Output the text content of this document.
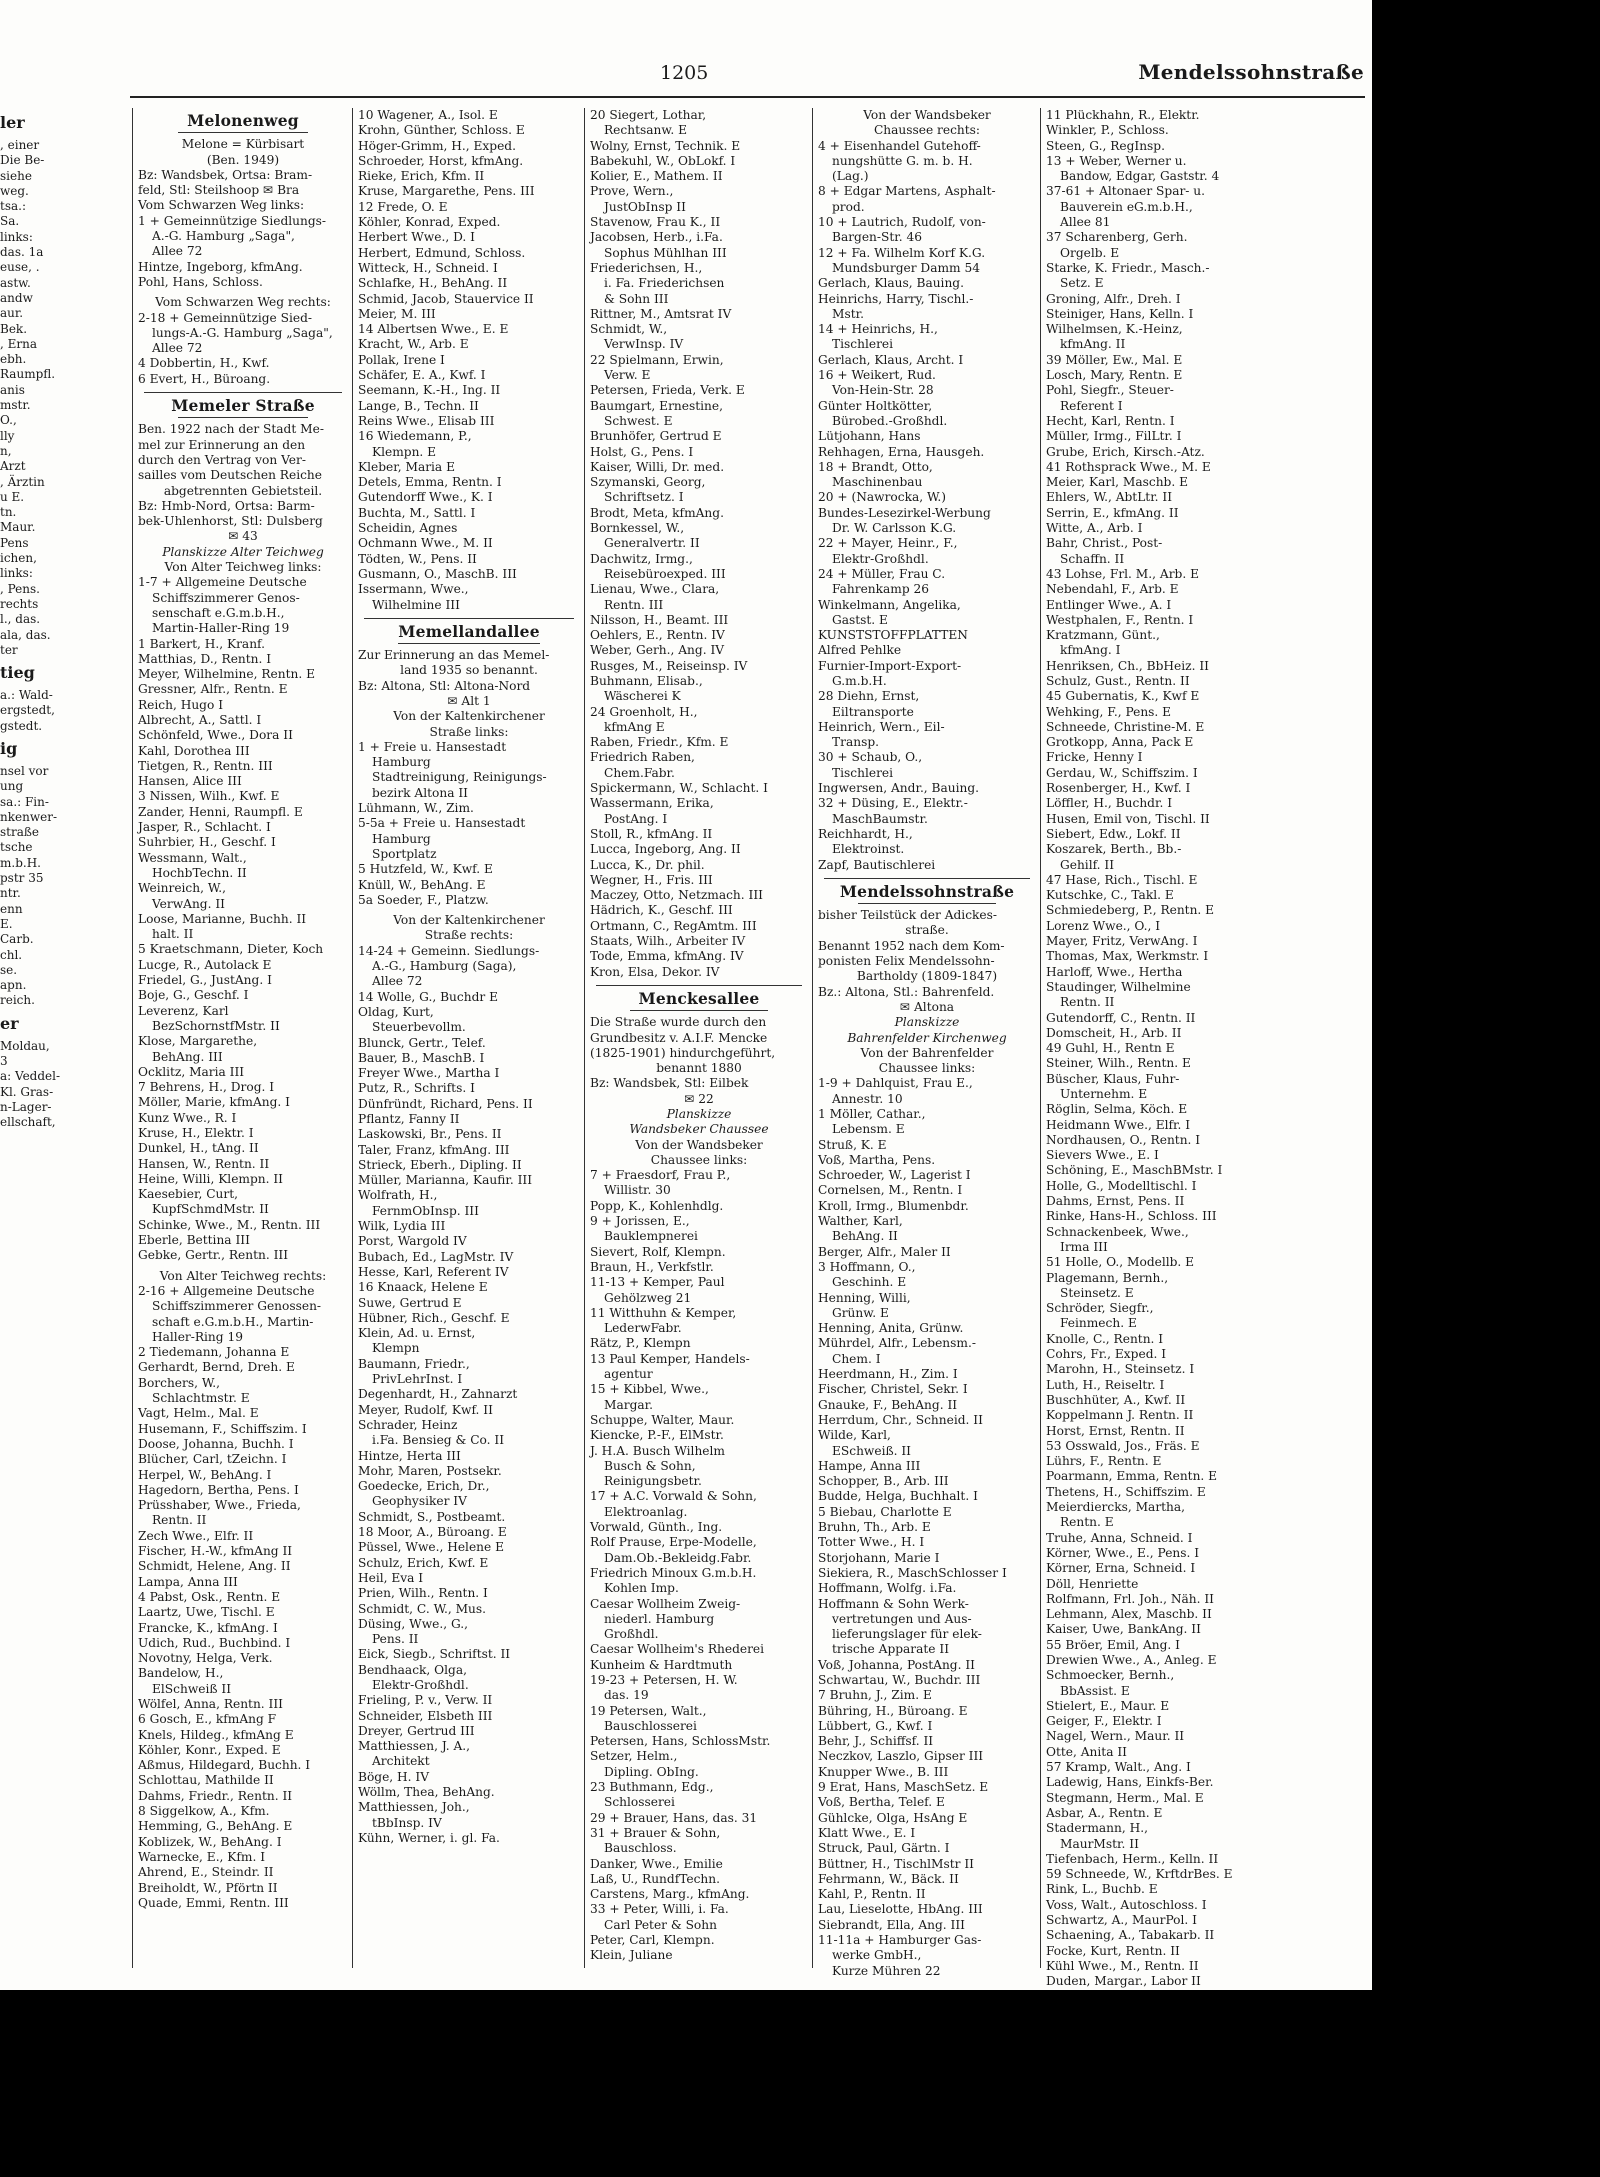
1205	Mendelssohnstraße
ler
, einer
Die Be-
siehe
weg.
tsa.:
Sa.
links:
das. 1a
euse, .
astw.
andw
aur.
Bek.
, Erna
ebh.
Raumpfl.
anis
mstr.
O.,
lly
n,
Arzt
, Ärztin
u E.
tn.
Maur.
Pens
ichen,
links:
, Pens.
rechts
l., das.
ala, das.
ter
tieg
a.: Wald-
ergstedt,
gstedt.
ig
nsel vor
ung
sa.: Fin-
nkenwer-
straße
tsche
m.b.H.
pstr 35
ntr.
enn
E.
Carb.
chl.
se.
apn.
reich.
er
Moldau,
3
a: Veddel-
Kl. Gras-
n-Lager-
ellschaft,
Melonenweg
Melone = Kürbisart
(Ben. 1949)
Bz: Wandsbek, Ortsa: Bram-
feld, Stl: Steilshoop ✉ Bra
Vom Schwarzen Weg links:
1 + Gemeinnützige Siedlungs-
A.-G. Hamburg „Saga",
Allee 72
Hintze, Ingeborg, kfmAng.
Pohl, Hans, Schloss.
Vom Schwarzen Weg rechts:
2-18 + Gemeinnützige Sied-
lungs-A.-G. Hamburg „Saga",
Allee 72
4 Dobbertin, H., Kwf.
6 Evert, H., Büroang.
Memeler Straße
Ben. 1922 nach der Stadt Me-
mel zur Erinnerung an den
durch den Vertrag von Ver-
sailles vom Deutschen Reiche
abgetrennten Gebietsteil.
Bz: Hmb-Nord, Ortsa: Barm-
bek-Uhlenhorst, Stl: Dulsberg
✉ 43
Planskizze Alter Teichweg
Von Alter Teichweg links:
1-7 + Allgemeine Deutsche
Schiffszimmerer Genos-
senschaft e.G.m.b.H.,
Martin-Haller-Ring 19
1 Barkert, H., Kranf.
Matthias, D., Rentn. I
Meyer, Wilhelmine, Rentn. E
Gressner, Alfr., Rentn. E
Reich, Hugo I
Albrecht, A., Sattl. I
Schönfeld, Wwe., Dora II
Kahl, Dorothea III
Tietgen, R., Rentn. III
Hansen, Alice III
3 Nissen, Wilh., Kwf. E
Zander, Henni, Raumpfl. E
Jasper, R., Schlacht. I
Suhrbier, H., Geschf. I
Wessmann, Walt.,
HochbTechn. II
Weinreich, W.,
VerwAng. II
Loose, Marianne, Buchh. II
halt. II
5 Kraetschmann, Dieter, Koch
Lucge, R., Autolack E
Friedel, G., JustAng. I
Boje, G., Geschf. I
Leverenz, Karl
BezSchornstfMstr. II
Klose, Margarethe,
BehAng. III
Ocklitz, Maria III
7 Behrens, H., Drog. I
Möller, Marie, kfmAng. I
Kunz Wwe., R. I
Kruse, H., Elektr. I
Dunkel, H., tAng. II
Hansen, W., Rentn. II
Heine, Willi, Klempn. II
Kaesebier, Curt,
KupfSchmdMstr. II
Schinke, Wwe., M., Rentn. III
Eberle, Bettina III
Gebke, Gertr., Rentn. III
Von Alter Teichweg rechts:
2-16 + Allgemeine Deutsche
Schiffszimmerer Genossen-
schaft e.G.m.b.H., Martin-
Haller-Ring 19
2 Tiedemann, Johanna E
Gerhardt, Bernd, Dreh. E
Borchers, W.,
Schlachtmstr. E
Vagt, Helm., Mal. E
Husemann, F., Schiffszim. I
Doose, Johanna, Buchh. I
Blücher, Carl, tZeichn. I
Herpel, W., BehAng. I
Hagedorn, Bertha, Pens. I
Prüsshaber, Wwe., Frieda,
Rentn. II
Zech Wwe., Elfr. II
Fischer, H.-W., kfmAng II
Schmidt, Helene, Ang. II
Lampa, Anna III
4 Pabst, Osk., Rentn. E
Laartz, Uwe, Tischl. E
Francke, K., kfmAng. I
Udich, Rud., Buchbind. I
Novotny, Helga, Verk.
Bandelow, H.,
ElSchweiß II
Wölfel, Anna, Rentn. III
6 Gosch, E., kfmAng F
Knels, Hildeg., kfmAng E
Köhler, Konr., Exped. E
Aßmus, Hildegard, Buchh. I
Schlottau, Mathilde II
Dahms, Friedr., Rentn. II
8 Siggelkow, A., Kfm.
Hemming, G., BehAng. E
Koblizek, W., BehAng. I
Warnecke, E., Kfm. I
Ahrend, E., Steindr. II
Breiholdt, W., Pförtn II
Quade, Emmi, Rentn. III
10 Wagener, A., Isol. E
Krohn, Günther, Schloss. E
Höger-Grimm, H., Exped.
Schroeder, Horst, kfmAng.
Rieke, Erich, Kfm. II
Kruse, Margarethe, Pens. III
12 Frede, O. E
Köhler, Konrad, Exped.
Herbert Wwe., D. I
Herbert, Edmund, Schloss.
Witteck, H., Schneid. I
Schlafke, H., BehAng. II
Schmid, Jacob, Stauervice II
Meier, M. III
14 Albertsen Wwe., E. E
Kracht, W., Arb. E
Pollak, Irene I
Schäfer, E. A., Kwf. I
Seemann, K.-H., Ing. II
Lange, B., Techn. II
Reins Wwe., Elisab III
16 Wiedemann, P.,
Klempn. E
Kleber, Maria E
Detels, Emma, Rentn. I
Gutendorff Wwe., K. I
Buchta, M., Sattl. I
Scheidin, Agnes
Ochmann Wwe., M. II
Tödten, W., Pens. II
Gusmann, O., MaschB. III
Issermann, Wwe.,
Wilhelmine III
Memellandallee
Zur Erinnerung an das Memel-
land 1935 so benannt.
Bz: Altona, Stl: Altona-Nord
✉ Alt 1
Von der Kaltenkirchener
Straße links:
1 + Freie u. Hansestadt
Hamburg
Stadtreinigung, Reinigungs-
bezirk Altona II
Lühmann, W., Zim.
5-5a + Freie u. Hansestadt
Hamburg
Sportplatz
5 Hutzfeld, W., Kwf. E
Knüll, W., BehAng. E
5a Soeder, F., Platzw.
Von der Kaltenkirchener
Straße rechts:
14-24 + Gemeinn. Siedlungs-
A.-G., Hamburg (Saga),
Allee 72
14 Wolle, G., Buchdr E
Oldag, Kurt,
Steuerbevollm.
Blunck, Gertr., Telef.
Bauer, B., MaschB. I
Freyer Wwe., Martha I
Putz, R., Schrifts. I
Dünfründt, Richard, Pens. II
Pflantz, Fanny II
Laskowski, Br., Pens. II
Taler, Franz, kfmAng. III
Strieck, Eberh., Dipling. II
Müller, Marianna, Kaufir. III
Wolfrath, H.,
FernmObInsp. III
Wilk, Lydia III
Porst, Wargold IV
Bubach, Ed., LagMstr. IV
Hesse, Karl, Referent IV
16 Knaack, Helene E
Suwe, Gertrud E
Hübner, Rich., Geschf. E
Klein, Ad. u. Ernst,
Klempn
Baumann, Friedr.,
PrivLehrInst. I
Degenhardt, H., Zahnarzt
Meyer, Rudolf, Kwf. II
Schrader, Heinz
i.Fa. Bensieg & Co. II
Hintze, Herta III
Mohr, Maren, Postsekr.
Goedecke, Erich, Dr.,
Geophysiker IV
Schmidt, S., Postbeamt.
18 Moor, A., Büroang. E
Püssel, Wwe., Helene E
Schulz, Erich, Kwf. E
Heil, Eva I
Prien, Wilh., Rentn. I
Schmidt, C. W., Mus.
Düsing, Wwe., G.,
Pens. II
Eick, Siegb., Schriftst. II
Bendhaack, Olga,
Elektr-Großhdl.
Frieling, P. v., Verw. II
Schneider, Elsbeth III
Dreyer, Gertrud III
Matthiessen, J. A.,
Architekt
Böge, H. IV
Wöllm, Thea, BehAng.
Matthiessen, Joh.,
tBbInsp. IV
Kühn, Werner, i. gl. Fa.
20 Siegert, Lothar,
Rechtsanw. E
Wolny, Ernst, Technik. E
Babekuhl, W., ObLokf. I
Kolier, E., Mathem. II
Prove, Wern.,
JustObInsp II
Stavenow, Frau K., II
Jacobsen, Herb., i.Fa.
Sophus Mühlhan III
Friederichsen, H.,
i. Fa. Friederichsen
& Sohn III
Rittner, M., Amtsrat IV
Schmidt, W.,
VerwInsp. IV
22 Spielmann, Erwin,
Verw. E
Petersen, Frieda, Verk. E
Baumgart, Ernestine,
Schwest. E
Brunhöfer, Gertrud E
Holst, G., Pens. I
Kaiser, Willi, Dr. med.
Szymanski, Georg,
Schriftsetz. I
Brodt, Meta, kfmAng.
Bornkessel, W.,
Generalvertr. II
Dachwitz, Irmg.,
Reisebüroexped. III
Lienau, Wwe., Clara,
Rentn. III
Nilsson, H., Beamt. III
Oehlers, E., Rentn. IV
Weber, Gerh., Ang. IV
Rusges, M., Reiseinsp. IV
Buhmann, Elisab.,
Wäscherei K
24 Groenholt, H.,
kfmAng E
Raben, Friedr., Kfm. E
Friedrich Raben,
Chem.Fabr.
Spickermann, W., Schlacht. I
Wassermann, Erika,
PostAng. I
Stoll, R., kfmAng. II
Lucca, Ingeborg, Ang. II
Lucca, K., Dr. phil.
Wegner, H., Fris. III
Maczey, Otto, Netzmach. III
Hädrich, K., Geschf. III
Ortmann, C., RegAmtm. III
Staats, Wilh., Arbeiter IV
Tode, Emma, kfmAng. IV
Kron, Elsa, Dekor. IV
Menckesallee
Die Straße wurde durch den
Grundbesitz v. A.I.F. Mencke
(1825-1901) hindurchgeführt,
benannt 1880
Bz: Wandsbek, Stl: Eilbek
✉ 22
Planskizze
Wandsbeker Chaussee
Von der Wandsbeker
Chaussee links:
7 + Fraesdorf, Frau P.,
Willistr. 30
Popp, K., Kohlenhdlg.
9 + Jorissen, E.,
Bauklempnerei
Sievert, Rolf, Klempn.
Braun, H., Verkfstlr.
11-13 + Kemper, Paul
Gehölzweg 21
11 Witthuhn & Kemper,
LederwFabr.
Rätz, P., Klempn
13 Paul Kemper, Handels-
agentur
15 + Kibbel, Wwe.,
Margar.
Schuppe, Walter, Maur.
Kiencke, P.-F., ElMstr.
J. H.A. Busch Wilhelm
Busch & Sohn,
Reinigungsbetr.
17 + A.C. Vorwald & Sohn,
Elektroanlag.
Vorwald, Günth., Ing.
Rolf Prause, Erpe-Modelle,
Dam.Ob.-Bekleidg.Fabr.
Friedrich Minoux G.m.b.H.
Kohlen Imp.
Caesar Wollheim Zweig-
niederl. Hamburg
Großhdl.
Caesar Wollheim's Rhederei
Kunheim & Hardtmuth
19-23 + Petersen, H. W.
das. 19
19 Petersen, Walt.,
Bauschlosserei
Petersen, Hans, SchlossMstr.
Setzer, Helm.,
Dipling. ObIng.
23 Buthmann, Edg.,
Schlosserei
29 + Brauer, Hans, das. 31
31 + Brauer & Sohn,
Bauschloss.
Danker, Wwe., Emilie
Laß, U., RundfTechn.
Carstens, Marg., kfmAng.
33 + Peter, Willi, i. Fa.
Carl Peter & Sohn
Peter, Carl, Klempn.
Klein, Juliane
Von der Wandsbeker
Chaussee rechts:
4 + Eisenhandel Gutehoff-
nungshütte G. m. b. H.
(Lag.)
8 + Edgar Martens, Asphalt-
prod.
10 + Lautrich, Rudolf, von-
Bargen-Str. 46
12 + Fa. Wilhelm Korf K.G.
Mundsburger Damm 54
Gerlach, Klaus, Bauing.
Heinrichs, Harry, Tischl.-
Mstr.
14 + Heinrichs, H.,
Tischlerei
Gerlach, Klaus, Archt. I
16 + Weikert, Rud.
Von-Hein-Str. 28
Günter Holtkötter,
Bürobed.-Großhdl.
Lütjohann, Hans
Rehhagen, Erna, Hausgeh.
18 + Brandt, Otto,
Maschinenbau
20 + (Nawrocka, W.)
Bundes-Lesezirkel-Werbung
Dr. W. Carlsson K.G.
22 + Mayer, Heinr., F.,
Elektr-Großhdl.
24 + Müller, Frau C.
Fahrenkamp 26
Winkelmann, Angelika,
Gastst. E
KUNSTSTOFFPLATTEN
Alfred Pehlke
Furnier-Import-Export-
G.m.b.H.
28 Diehn, Ernst,
Eiltransporte
Heinrich, Wern., Eil-
Transp.
30 + Schaub, O.,
Tischlerei
Ingwersen, Andr., Bauing.
32 + Düsing, E., Elektr.-
MaschBaumstr.
Reichhardt, H.,
Elektroinst.
Zapf, Bautischlerei
Mendelssohnstraße
bisher Teilstück der Adickes-
straße.
Benannt 1952 nach dem Kom-
ponisten Felix Mendelssohn-
Bartholdy (1809-1847)
Bz.: Altona, Stl.: Bahrenfeld.
✉ Altona
Planskizze
Bahrenfelder Kirchenweg
Von der Bahrenfelder
Chaussee links:
1-9 + Dahlquist, Frau E.,
Annestr. 10
1 Möller, Cathar.,
Lebensm. E
Struß, K. E
Voß, Martha, Pens.
Schroeder, W., Lagerist I
Cornelsen, M., Rentn. I
Kroll, Irmg., Blumenbdr.
Walther, Karl,
BehAng. II
Berger, Alfr., Maler II
3 Hoffmann, O.,
Geschinh. E
Henning, Willi,
Grünw. E
Henning, Anita, Grünw.
Mührdel, Alfr., Lebensm.-
Chem. I
Heerdmann, H., Zim. I
Fischer, Christel, Sekr. I
Gnauke, F., BehAng. II
Herrdum, Chr., Schneid. II
Wilde, Karl,
ESchweiß. II
Hampe, Anna III
Schopper, B., Arb. III
Budde, Helga, Buchhalt. I
5 Biebau, Charlotte E
Bruhn, Th., Arb. E
Totter Wwe., H. I
Storjohann, Marie I
Siekiera, R., MaschSchlosser I
Hoffmann, Wolfg. i.Fa.
Hoffmann & Sohn Werk-
vertretungen und Aus-
lieferungslager für elek-
trische Apparate II
Voß, Johanna, PostAng. II
Schwartau, W., Buchdr. III
7 Bruhn, J., Zim. E
Bühring, H., Büroang. E
Lübbert, G., Kwf. I
Behr, J., Schiffsf. II
Neczkov, Laszlo, Gipser III
Knupper Wwe., B. III
9 Erat, Hans, MaschSetz. E
Voß, Bertha, Telef. E
Gühlcke, Olga, HsAng E
Klatt Wwe., E. I
Struck, Paul, Gärtn. I
Büttner, H., TischlMstr II
Fehrmann, W., Bäck. II
Kahl, P., Rentn. II
Lau, Lieselotte, HbAng. III
Siebrandt, Ella, Ang. III
11-11a + Hamburger Gas-
werke GmbH.,
Kurze Mühren 22
11 Plückhahn, R., Elektr.
Winkler, P., Schloss.
Steen, G., RegInsp.
13 + Weber, Werner u.
Bandow, Edgar, Gaststr. 4
37-61 + Altonaer Spar- u.
Bauverein eG.m.b.H.,
Allee 81
37 Scharenberg, Gerh.
Orgelb. E
Starke, K. Friedr., Masch.-
Setz. E
Groning, Alfr., Dreh. I
Steiniger, Hans, Kelln. I
Wilhelmsen, K.-Heinz,
kfmAng. II
39 Möller, Ew., Mal. E
Losch, Mary, Rentn. E
Pohl, Siegfr., Steuer-
Referent I
Hecht, Karl, Rentn. I
Müller, Irmg., FilLtr. I
Grube, Erich, Kirsch.-Atz.
41 Rothsprack Wwe., M. E
Meier, Karl, Maschb. E
Ehlers, W., AbtLtr. II
Serrin, E., kfmAng. II
Witte, A., Arb. I
Bahr, Christ., Post-
Schaffn. II
43 Lohse, Frl. M., Arb. E
Nebendahl, F., Arb. E
Entlinger Wwe., A. I
Westphalen, F., Rentn. I
Kratzmann, Günt.,
kfmAng. I
Henriksen, Ch., BbHeiz. II
Schulz, Gust., Rentn. II
45 Gubernatis, K., Kwf E
Wehking, F., Pens. E
Schneede, Christine-M. E
Grotkopp, Anna, Pack E
Fricke, Henny I
Gerdau, W., Schiffszim. I
Rosenberger, H., Kwf. I
Löffler, H., Buchdr. I
Husen, Emil von, Tischl. II
Siebert, Edw., Lokf. II
Koszarek, Berth., Bb.-
Gehilf. II
47 Hase, Rich., Tischl. E
Kutschke, C., Takl. E
Schmiedeberg, P., Rentn. E
Lorenz Wwe., O., I
Mayer, Fritz, VerwAng. I
Thomas, Max, Werkmstr. I
Harloff, Wwe., Hertha
Staudinger, Wilhelmine
Rentn. II
Gutendorff, C., Rentn. II
Domscheit, H., Arb. II
49 Guhl, H., Rentn E
Steiner, Wilh., Rentn. E
Büscher, Klaus, Fuhr-
Unternehm. E
Röglin, Selma, Köch. E
Heidmann Wwe., Elfr. I
Nordhausen, O., Rentn. I
Sievers Wwe., E. I
Schöning, E., MaschBMstr. I
Holle, G., Modelltischl. I
Dahms, Ernst, Pens. II
Rinke, Hans-H., Schloss. III
Schnackenbeek, Wwe.,
Irma III
51 Holle, O., Modellb. E
Plagemann, Bernh.,
Steinsetz. E
Schröder, Siegfr.,
Feinmech. E
Knolle, C., Rentn. I
Cohrs, Fr., Exped. I
Marohn, H., Steinsetz. I
Luth, H., Reiseltr. I
Buschhüter, A., Kwf. II
Koppelmann J. Rentn. II
Horst, Ernst, Rentn. II
53 Osswald, Jos., Fräs. E
Lührs, F., Rentn. E
Poarmann, Emma, Rentn. E
Thetens, H., Schiffszim. E
Meierdiercks, Martha,
Rentn. E
Truhe, Anna, Schneid. I
Körner, Wwe., E., Pens. I
Körner, Erna, Schneid. I
Döll, Henriette
Rolfmann, Frl. Joh., Näh. II
Lehmann, Alex, Maschb. II
Kaiser, Uwe, BankAng. II
55 Bröer, Emil, Ang. I
Drewien Wwe., A., Anleg. E
Schmoecker, Bernh.,
BbAssist. E
Stielert, E., Maur. E
Geiger, F., Elektr. I
Nagel, Wern., Maur. II
Otte, Anita II
57 Kramp, Walt., Ang. I
Ladewig, Hans, Einkfs-Ber.
Stegmann, Herm., Mal. E
Asbar, A., Rentn. E
Stadermann, H.,
MaurMstr. II
Tiefenbach, Herm., Kelln. II
59 Schneede, W., KrftdrBes. E
Rink, L., Buchb. E
Voss, Walt., Autoschloss. I
Schwartz, A., MaurPol. I
Schaening, A., Tabakarb. II
Focke, Kurt, Rentn. II
Kühl Wwe., M., Rentn. II
Duden, Margar., Labor II
